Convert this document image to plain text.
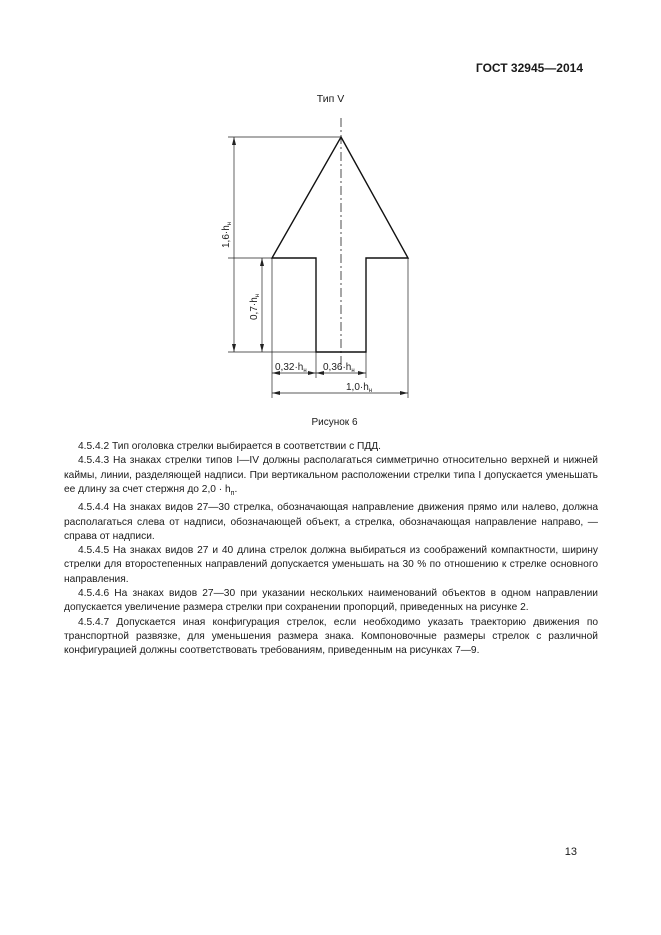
ГОСТ 32945—2014
Тип V
$1,6\cdot h_н$
$0,7\cdot h_н$
$0,32\cdot h_н$ $0,36\cdot h_н$
$1,0\cdot h_н$
Рисунок 6

4.5.4.2 Тип оголовка стрелки выбирается в соответствии с ПДД.

4.5.4.3 На знаках стрелки типов I—IV должны располагаться симметрично относительно верхней и нижней каймы, линии, разделяющей надписи. При вертикальном расположении стрелки типа I допускается уменьшать ее длину за счет стержня до $2,0 \cdot h_п$.

4.5.4.4 На знаках видов 27—30 стрелка, обозначающая направление движения прямо или налево, должна располагаться слева от надписи, обозначающей объект, а стрелка, обозначающая направление направо, — справа от надписи.

4.5.4.5 На знаках видов 27 и 40 длина стрелок должна выбираться из соображений компактности, ширину стрелки для второстепенных направлений допускается уменьшать на 30 % по отношению к стрелке основного направления.

4.5.4.6 На знаках видов 27—30 при указании нескольких наименований объектов в одном направлении допускается увеличение размера стрелки при сохранении пропорций, приведенных на рисунке 2.

4.5.4.7 Допускается иная конфигурация стрелок, если необходимо указать траекторию движения по транспортной развязке, для уменьшения размера знака. Компоновочные размеры стрелок с различной конфигурацией должны соответствовать требованиям, приведенным на рисунках 7—9.

13
